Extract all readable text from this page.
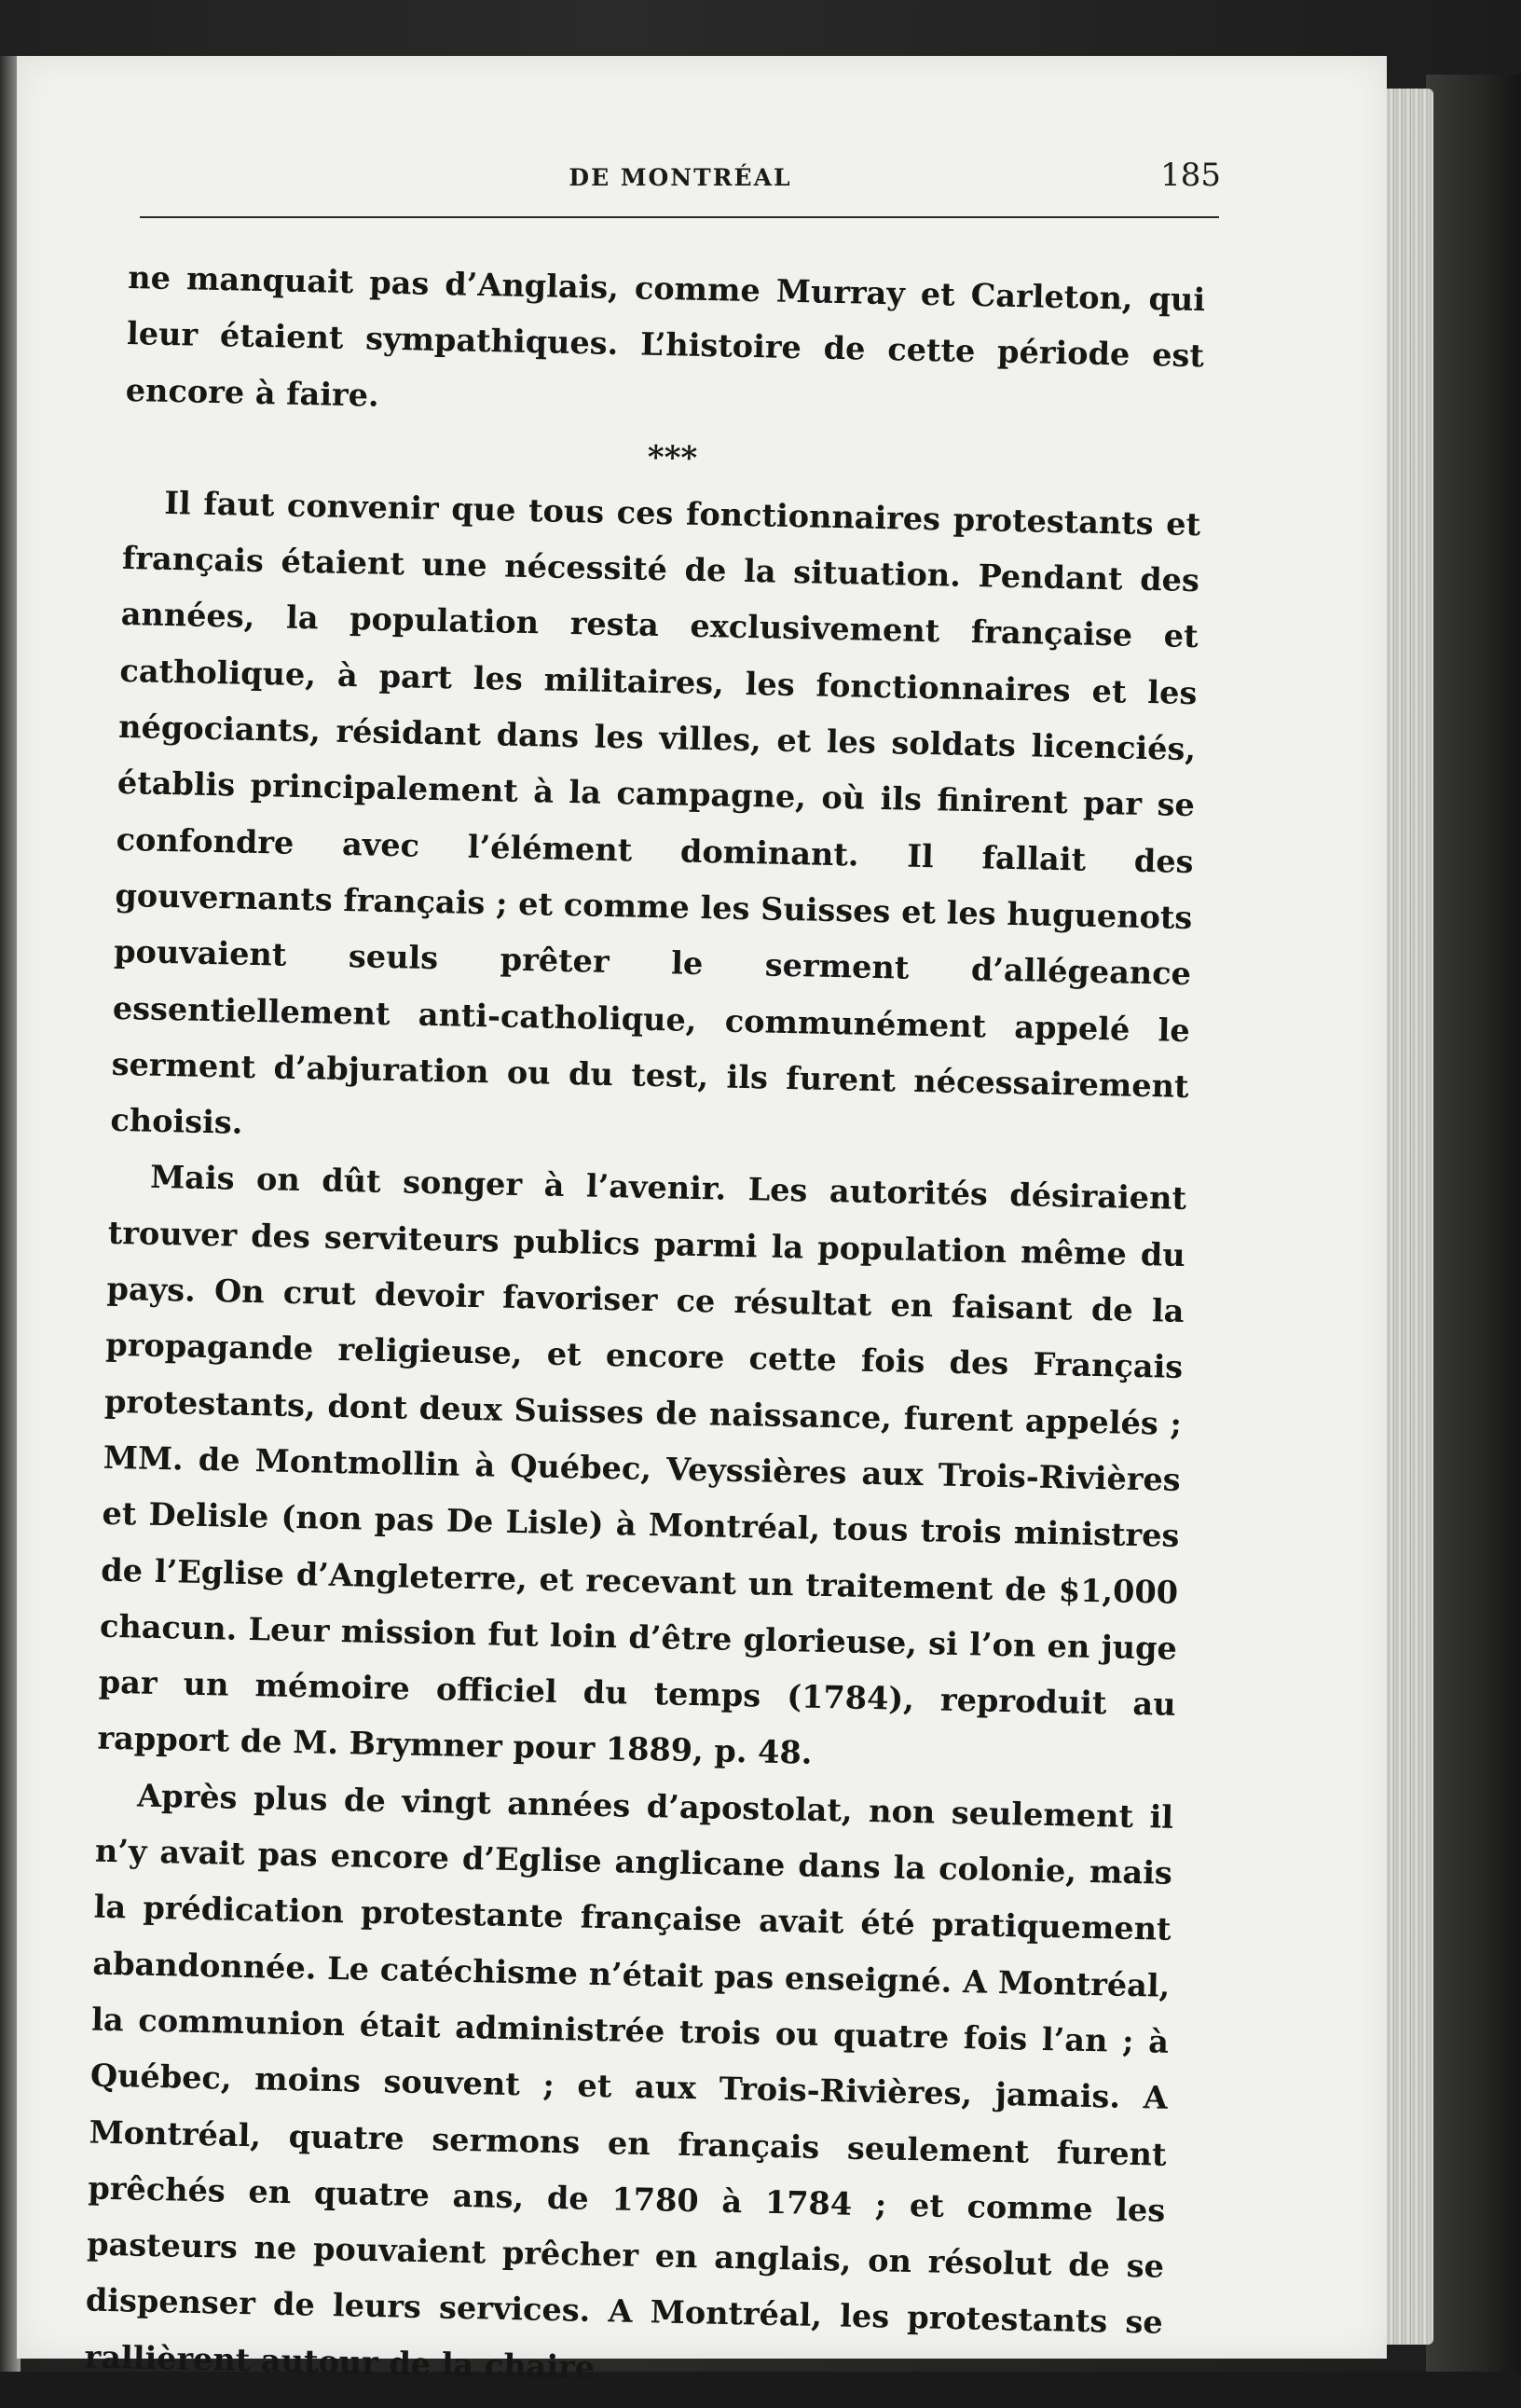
DE MONTRÉAL	185

ne manquait pas d’Anglais, comme Murray et Carleton, qui leur étaient sympathiques. L’histoire de cette période est encore à faire.

***

Il faut convenir que tous ces fonctionnaires protestants et français étaient une nécessité de la situation. Pendant des années, la population resta exclusivement française et catholique, à part les militaires, les fonctionnaires et les négociants, résidant dans les villes, et les soldats licenciés, établis principalement à la campagne, où ils finirent par se confondre avec l’élément dominant. Il fallait des gouvernants français ; et comme les Suisses et les huguenots pouvaient seuls prêter le serment d’allégeance essentiellement anti-catholique, communément appelé le serment d’abjuration ou du test, ils furent nécessairement choisis.

Mais on dût songer à l’avenir. Les autorités désiraient trouver des serviteurs publics parmi la population même du pays. On crut devoir favoriser ce résultat en faisant de la propagande religieuse, et encore cette fois des Français protestants, dont deux Suisses de naissance, furent appelés ; MM. de Montmollin à Québec, Veyssières aux Trois-Rivières et Delisle (non pas De Lisle) à Montréal, tous trois ministres de l’Eglise d’Angleterre, et recevant un traitement de $1,000 chacun. Leur mission fut loin d’être glorieuse, si l’on en juge par un mémoire officiel du temps (1784), reproduit au rapport de M. Brymner pour 1889, p. 48.

Après plus de vingt années d’apostolat, non seulement il n’y avait pas encore d’Eglise anglicane dans la colonie, mais la prédication protestante française avait été pratiquement abandonnée. Le catéchisme n’était pas enseigné. A Montréal, la communion était administrée trois ou quatre fois l’an ; à Québec, moins souvent ; et aux Trois-Rivières, jamais. A Montréal, quatre sermons en français seulement furent prêchés en quatre ans, de 1780 à 1784 ; et comme les pasteurs ne pouvaient prêcher en anglais, on résolut de se dispenser de leurs services. A Montréal, les protestants se rallièrent autour de la chaire
